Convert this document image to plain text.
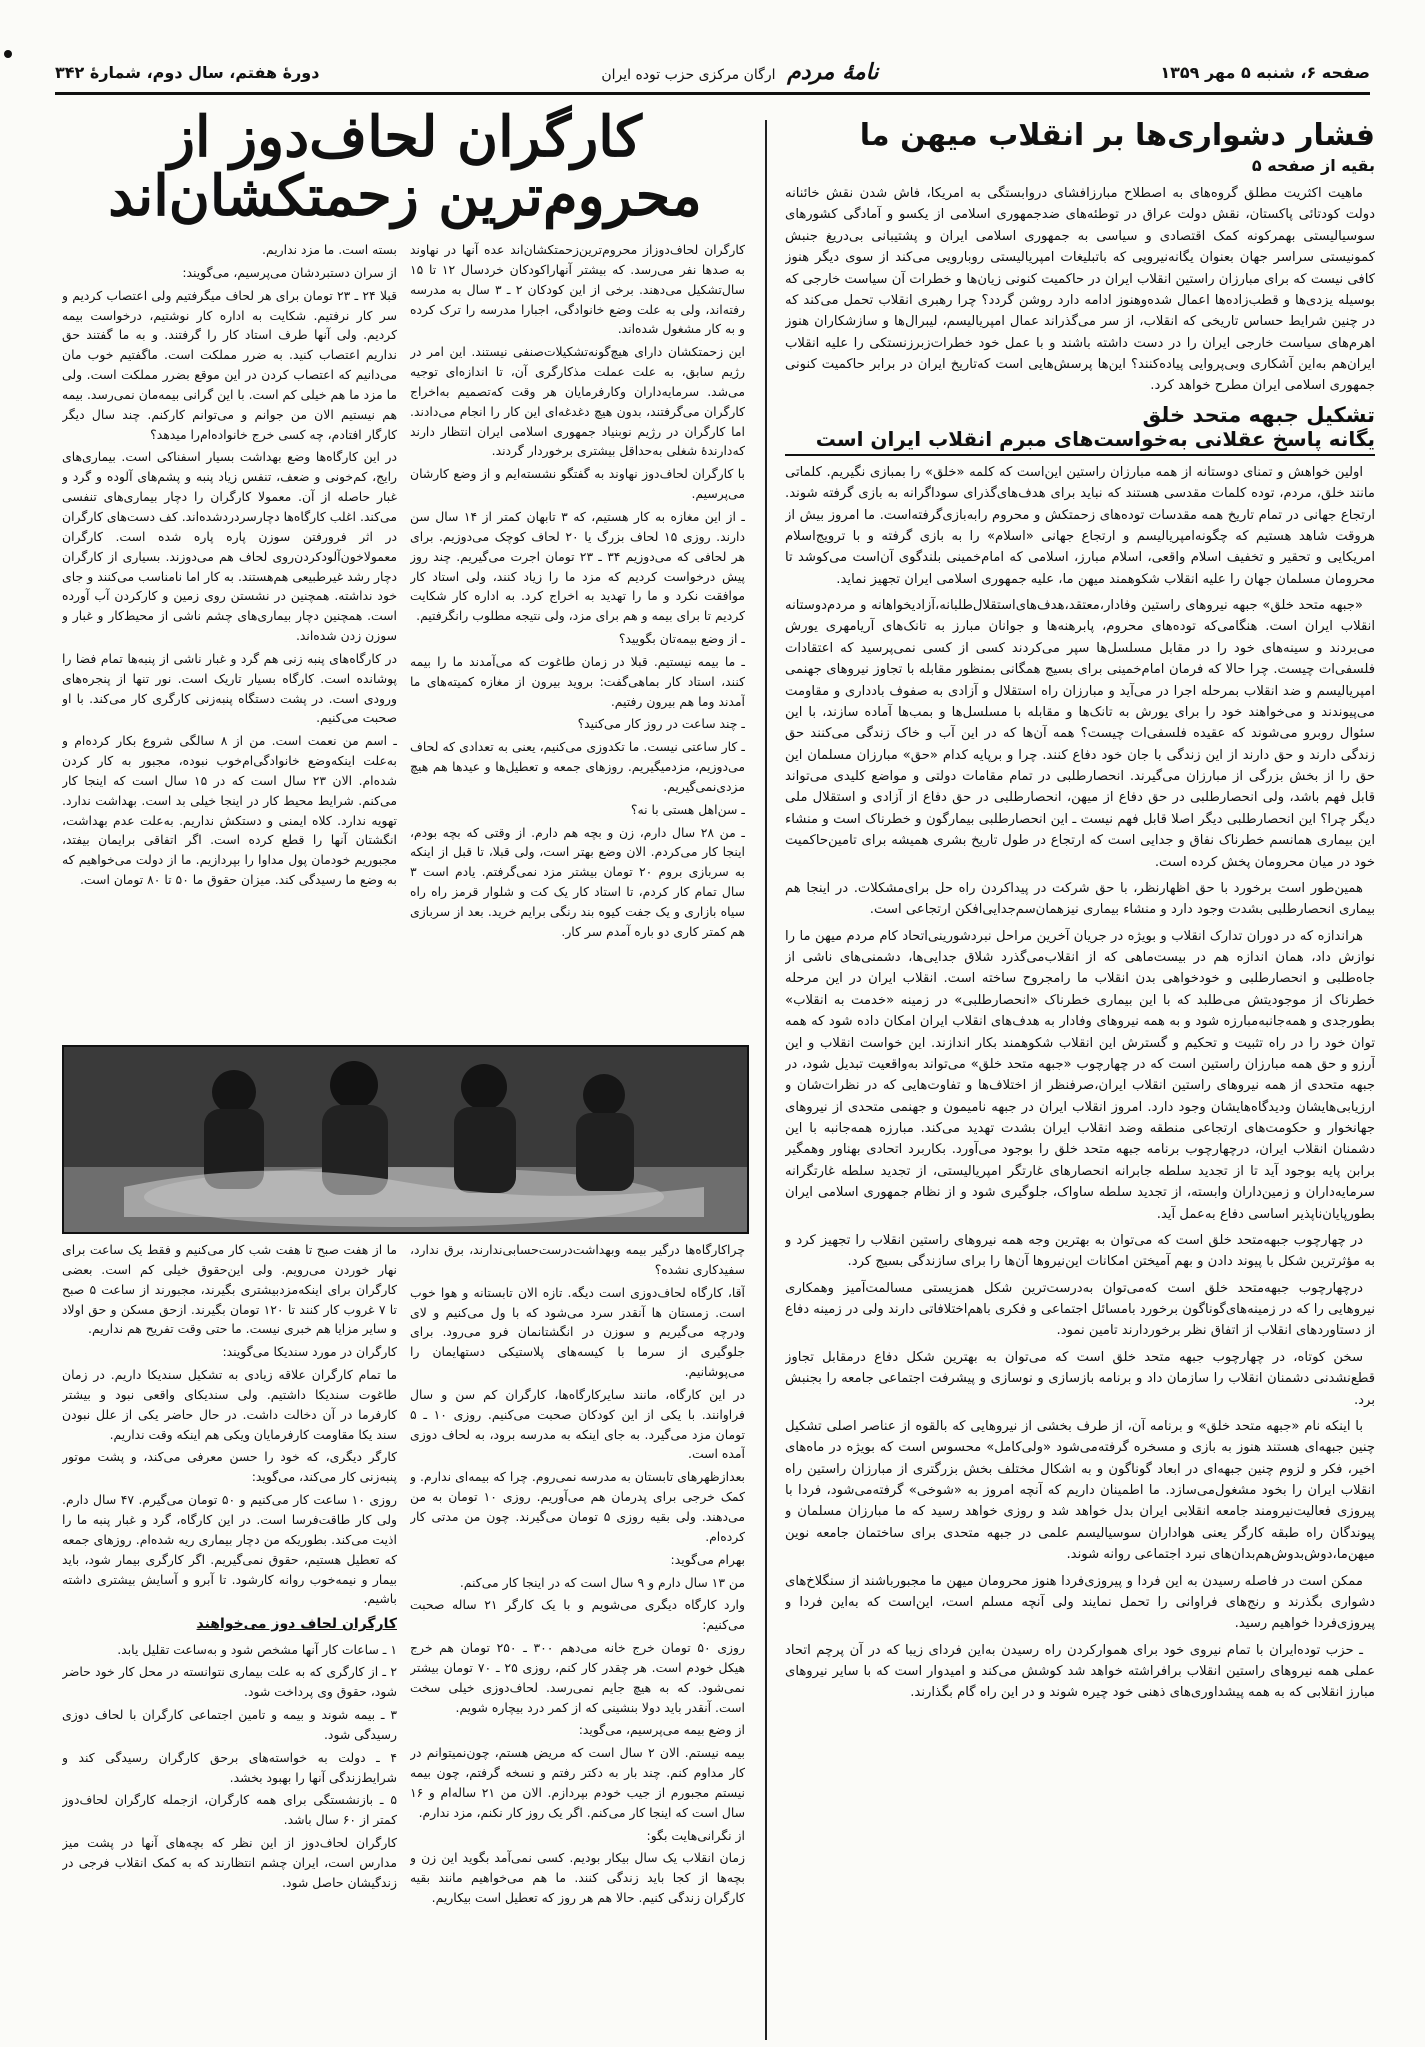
صفحه ۶، شنبه ۵ مهر ۱۳۵۹
نامهٔ مردم ارگان مرکزی حزب توده ایران
دورهٔ هفتم، سال دوم، شمارهٔ ۳۴۲
فشار دشواری‌ها بر انقلاب میهن ما
بقیه از صفحه ۵

ماهیت اکثریت مطلق گروه‌های به اصطلاح مبارزافشای دروابستگی به امریکا، فاش شدن نقش خائنانه دولت کودتائی پاکستان، نقش دولت عراق در توطئه‌های ضدجمهوری اسلامی از یکسو و آمادگی کشورهای سوسیالیستی بهمرکونه کمک اقتصادی و سیاسی به جمهوری اسلامی ایران و پشتیبانی بی‌دریغ جنبش کمونیستی سراسر جهان بعنوان یگانه‌نیرویی که باتبلیغات امپریالیستی روبارویی می‌کند از سوی دیگر هنوز کافی نیست که برای مبارزان راستین انقلاب ایران در حاکمیت کنونی زیان‌ها و خطرات آن سیاست خارجی که بوسیله یزدی‌ها و قطب‌زاده‌ها اعمال شده‌وهنوز ادامه دارد روشن گردد؟ چرا رهبری انقلاب تحمل می‌کند که در چنین شرایط حساس تاریخی که انقلاب، از سر می‌گذراند عمال امپریالیسم، لیبرال‌ها و سازشکاران هنوز اهرم‌های سیاست خارجی ایران را در دست داشته باشند و با عمل خود خطرات‌زبرزنستکی را علیه انقلاب ایران‌هم به‌این آشکاری وبی‌پروایی پیاده‌کنند؟ این‌ها پرسش‌هایی است که‌تاریخ ایران در برابر حاکمیت کنونی جمهوری اسلامی ایران مطرح خواهد کرد.

تشکیل جبهه متحد خلق
یگانه پاسخ عقلانی به‌خواست‌های مبرم انقلاب ایران است

اولین خواهش و تمنای دوستانه از همه مبارزان راستین این‌است که کلمه «خلق» را بمبازی نگیریم. کلماتی مانند خلق، مردم، توده کلمات مقدسی هستند که نباید برای هدف‌های‌گذرای سوداگرانه به بازی گرفته شوند. ارتجاع جهانی در تمام تاریخ همه مقدسات توده‌های زحمتکش و محروم رابه‌بازی‌گرفته‌است. ما امروز بیش از هروقت شاهد هستیم که چگونه‌امپریالیسم و ارتجاع جهانی «اسلام» را به بازی گرفته و با ترویج‌اسلام امریکایی و تحقیر و تخفیف اسلام واقعی، اسلام مبارز، اسلامی که امام‌خمینی بلندگوی آن‌است می‌کوشد تا محرومان مسلمان جهان را علیه انقلاب شکوهمند میهن ما، علیه جمهوری اسلامی ایران تجهیز نماید.

«جبهه متحد خلق» جبهه نیروهای راستین وفادار،معتقد،هدف‌های‌استقلال‌طلبانه،آزادیخواهانه و مردم‌دوستانه انقلاب ایران است. هنگامی‌که توده‌های محروم، پابرهنه‌ها و جوانان مبارز به تانک‌های آریامهری یورش می‌بردند و سینه‌های خود را در مقابل مسلسل‌ها سپر می‌کردند کسی از کسی نمی‌پرسید که اعتقادات فلسفی‌ات چیست. چرا حالا که فرمان امام‌خمینی برای بسیج همگانی بمنظور مقابله با تجاوز نیروهای جهنمی امپریالیسم و ضد انقلاب بمرحله اجرا در می‌آید و مبارزان راه استقلال و آزادی به صفوف بادداری و مقاومت می‌پیوندند و می‌خواهند خود را برای یورش به تانک‌ها و مقابله با مسلسل‌ها و بمب‌ها آماده سازند، با این سئوال روبرو می‌شوند که عقیده فلسفی‌ات چیست؟ همه آن‌ها که در این آب و خاک زندگی می‌کنند حق زندگی دارند و حق دارند از این زندگی با جان خود دفاع کنند. چرا و برپایه کدام «حق» مبارزان مسلمان این حق را از بخش بزرگی از مبارزان می‌گیرند. انحصارطلبی در تمام مقامات دولتی و مواضع کلیدی می‌تواند قابل فهم باشد، ولی انحصارطلبی در حق دفاع از میهن، انحصارطلبی در حق دفاع از آزادی و استقلال ملی دیگر چرا؟ این انحصارطلبی دیگر اصلا قابل فهم نیست ـ این انحصارطلبی بیمارگون و خطرناک است و منشاء این بیماری همانسم خطرناک نفاق و جدایی است که ارتجاع در طول تاریخ بشری همیشه برای تامین‌حاکمیت خود در میان محرومان پخش کرده است.

همین‌طور است برخورد با حق اظهارنظر، با حق شرکت در پیداکردن راه حل برای‌مشکلات. در اینجا هم بیماری انحصارطلبی بشدت وجود دارد و منشاء بیماری نیزهمان‌سم‌جدایی‌افکن ارتجاعی است.

هراندازه که در دوران تدارک انقلاب و بویژه در جریان آخرین مراحل نبردشورینی‌اتحاد کام مردم میهن ما را نوازش داد، همان اندازه هم در بیست‌ماهی که از انقلاب‌می‌گذرد شلاق جدایی‌ها، دشمنی‌های ناشی از جاه‌طلبی و انحصارطلبی و خودخواهی بدن انقلاب ما رامجروح ساخته است. انقلاب ایران در این مرحله خطرناک از موجودیتش می‌طلبد که با این بیماری خطرناک «انحصارطلبی» در زمینه «خدمت به انقلاب» بطورجدی و همه‌جانبه‌مبارزه شود و به همه نیروهای وفادار به هدف‌های انقلاب ایران امکان داده شود که همه توان خود را در راه تثبیت و تحکیم و گسترش این انقلاب شکوهمند بکار اندازند. این خواست انقلاب و این آرزو و حق همه مبارزان راستین است که در چهارچوب «جبهه متحد خلق» می‌تواند به‌واقعیت تبدیل شود، در جبهه متحدی از همه نیروهای راستین انقلاب ایران،صرفنظر از اختلاف‌ها و تفاوت‌هایی که در نظرات‌شان و ارزیابی‌هایشان ودیدگاه‌هایشان وجود دارد. امروز انقلاب ایران در جبهه نامیمون و جهنمی متحدی از نیروهای جهانخوار و حکومت‌های ارتجاعی منطقه وضد انقلاب ایران بشدت تهدید می‌کند. مبارزه همه‌جانبه با این دشمنان انقلاب ایران، درچهارچوب برنامه جبهه متحد خلق را بوجود می‌آورد. بکاربرد اتحادی بهناور وهمگیر برابن پایه بوجود آید تا از تجدید سلطه جابرانه انحصارهای غارتگر امپریالیستی، از تجدید سلطه غارتگرانه سرمایه‌داران و زمین‌داران وابسته، از تجدید سلطه ساواک، جلوگیری شود و از نظام جمهوری اسلامی ایران بطورپایان‌ناپذیر اساسی دفاع به‌عمل آید.

در چهارچوب جبهه‌متحد خلق است که می‌توان به بهترین وجه همه نیروهای راستین انقلاب را تجهیز کرد و به مؤثرترین شکل با پیوند دادن و بهم آمیختن امکانات این‌نیروها آن‌ها را برای سازندگی بسیج کرد.

درچهارچوب جبهه‌متحد خلق است که‌می‌توان به‌درست‌ترین شکل همزیستی مسالمت‌آمیز وهمکاری نیروهایی را که در زمینه‌های‌گوناگون برخورد بامسائل اجتماعی و فکری باهم‌اختلافاتی دارند ولی در زمینه دفاع از دستاوردهای انقلاب از اتفاق نظر برخوردارند تامین نمود.

سخن کوتاه، در چهارچوب جبهه متحد خلق است که می‌توان به بهترین شکل دفاع درمقابل تجاوز قطع‌نشدنی دشمنان انقلاب را سازمان داد و برنامه بازسازی و نوسازی و پیشرفت اجتماعی جامعه را بجنبش برد.

با اینکه نام «جبهه متحد خلق» و برنامه آن، از طرف بخشی از نیروهایی که بالقوه از عناصر اصلی تشکیل چنین جبهه‌ای هستند هنوز به بازی و مسخره گرفته‌می‌شود «ولی‌کامل» محسوس است که بویژه در ماه‌های اخیر، فکر و لزوم چنین جبهه‌ای در ابعاد گوناگون و به اشکال مختلف بخش بزرگتری از مبارزان راستین راه انقلاب ایران را بخود مشغول‌می‌سازد. ما اطمینان داریم که آنچه امروز به «شوخی» گرفته‌می‌شود، فردا با پیروزی فعالیت‌نیرومند جامعه انقلابی ایران بدل خواهد شد و روزی خواهد رسید که ما مبارزان مسلمان و پیوندگان راه طبقه کارگر یعنی هواداران سوسیالیسم علمی در جبهه متحدی برای ساختمان جامعه نوین میهن‌ما،دوش‌بدوش‌هم‌بدان‌های نبرد اجتماعی روانه شوند.

ممکن است در فاصله رسیدن به این فردا و پیروزی‌فردا هنوز محرومان میهن ما مجبورباشند از سنگلاخ‌های دشواری بگذرند و رنج‌های فراوانی را تحمل نمایند ولی آنچه مسلم است، این‌است که به‌این فردا و پیروزی‌فردا خواهیم رسید.

ـ حزب توده‌ایران با تمام نیروی خود برای هموارکردن راه رسیدن به‌این فردای زیبا که در آن پرچم اتحاد عملی همه نیروهای راستین انقلاب برافراشته خواهد شد کوشش می‌کند و امیدوار است که با سایر نیروهای مبارز انقلابی که به همه پیشداوری‌های ذهنی خود چیره شوند و در این راه گام بگذارند.

کارگران لحاف‌دوز از
محروم‌ترین زحمتکشان‌اند

کارگران لحاف‌دوزاز محروم‌ترین‌زحمتکشان‌اند عده آنها در نهاوند به صدها نفر می‌رسد. که بیشتر آنهاراکودکان خردسال ۱۲ تا ۱۵ سال‌تشکیل می‌دهند. برخی از این کودکان ۲ ـ ۳ سال به مدرسه رفته‌اند، ولی به علت وضع خانوادگی، اجبارا مدرسه را ترک کرده و به کار مشغول شده‌اند.

این زحمتکشان دارای هیچ‌گونه‌تشکیلات‌صنفی نیستند. این امر در رژیم سابق، به علت عملت مذکارگری آن، تا اندازه‌ای توجیه می‌شد. سرمایه‌داران وکارفرمایان هر وقت که‌تصمیم به‌اخراج کارگران می‌گرفتند، بدون هیچ دغدغه‌ای این کار را انجام می‌دادند. اما کارگران در رژیم نوبنیاد جمهوری اسلامی ایران انتظار دارند که‌دارندهٔ شغلی به‌حداقل بیشتری برخوردار گردند.

با کارگران لحاف‌دوز نهاوند به گفتگو نشسته‌ایم و از وضع کارشان می‌پرسیم.

ـ از این مغازه به کار هستیم، که ۳ تابهان کمتر از ۱۴ سال سن دارند. روزی ۱۵ لحاف بزرگ یا ۲۰ لحاف کوچک می‌دوزیم. برای هر لحافی که می‌دوزیم ۳۴ ـ ۲۳ تومان اجرت می‌گیریم. چند روز پیش درخواست کردیم که مزد ما را زیاد کنند، ولی استاد کار موافقت نکرد و ما را تهدید به اخراج کرد. به اداره کار شکایت کردیم تا برای بیمه و هم برای مزد، ولی نتیجه مطلوب رانگرفتیم.

ـ از وضع بیمه‌تان بگویید؟

ـ ما بیمه نیستیم. قبلا در زمان طاغوت که می‌آمدند ما را بیمه کنند، استاد کار بماهی‌گفت: بروید بیرون از مغازه کمیته‌های ما آمدند وما هم بیرون رفتیم.

ـ چند ساعت در روز کار می‌کنید؟

ـ کار ساعتی نیست. ما تکدوزی می‌کنیم، یعنی به تعدادی که لحاف می‌دوزیم، مزدمیگیریم. روزهای جمعه و تعطیل‌ها و عیدها هم هیچ مزدی‌نمی‌گیریم.

ـ سن‌اهل هستی با نه؟

ـ من ۲۸ سال دارم، زن و بچه هم دارم. از وقتی که بچه بودم، اینجا کار می‌کردم. الان وضع بهتر است، ولی قبلا، تا قبل از اینکه به سربازی بروم ۲۰ تومان بیشتر مزد نمی‌گرفتم. یادم است ۳ سال تمام کار کردم، تا استاد کار یک کت و شلوار قرمز راه راه سیاه بازاری و یک جفت کیوه بند رنگی برایم خرید. بعد از سربازی هم کمتر کاری دو باره آمدم سر کار.

بسته است. ما مزد نداریم.

از سران دستبردشان می‌پرسیم، می‌گویند:

قبلا ۲۴ ـ ۲۳ تومان برای هر لحاف میگرفتیم ولی اعتصاب کردیم و سر کار نرفتیم. شکایت به اداره کار نوشتیم، درخواست بیمه کردیم. ولی آنها طرف استاد کار را گرفتند. و به ما گفتند حق نداریم اعتصاب کنید. به ضرر مملکت است. ماگفتیم خوب مان می‌دانیم که اعتصاب کردن در این موقع بضرر مملکت است. ولی ما مزد ما هم خیلی کم است. با این گرانی بیمه‌مان نمی‌رسد. بیمه هم نیستیم الان من جوانم و می‌توانم کارکنم. چند سال دیگر کارگار افتادم، چه کسی خرج خانواده‌ام‌را میدهد؟

در این کارگاه‌ها وضع بهداشت بسیار اسفناکی است. بیماری‌های رایج، کم‌خونی و ضعف، تنفس زیاد پنبه و پشم‌های آلوده و گرد و غبار حاصله از آن. معمولا کارگران را دچار بیماری‌های تنفسی می‌کند. اغلب کارگاه‌ها دچارسردردشده‌اند. کف دست‌های کارگران در اثر فرورفتن سوزن پاره پاره شده است. کارگران معمولاخون‌آلودکردن‌روی لحاف هم می‌دوزند. بسیاری از کارگران دچار رشد غیرطبیعی هم‌هستند. به کار اما نامناسب می‌کنند و جای خود نداشته. همچنین در نشستن روی زمین و کارکردن آب آورده است. همچنین دچار بیماری‌های چشم ناشی از محیط‌کار و غبار و سوزن زدن شده‌اند.

در کارگاه‌های پنبه زنی هم گرد و غبار ناشی از پنبه‌ها تمام فضا را پوشانده است. کارگاه بسیار تاریک است. نور تنها از پنجره‌های ورودی است. در پشت دستگاه پنبه‌زنی کارگری کار می‌کند. با او صحبت می‌کنیم.

ـ اسم من نعمت است. من از ۸ سالگی شروع بکار کرده‌ام و به‌علت اینکه‌وضع خانوادگی‌ام‌خوب نبوده، مجبور به کار کردن شده‌ام. الان ۲۳ سال است که در ۱۵ سال است که اینجا کار می‌کنم. شرایط محیط کار در اینجا خیلی بد است. بهداشت ندارد. تهویه ندارد. کلاه ایمنی و دستکش نداریم. به‌علت عدم بهداشت، انگشتان آنها را قطع کرده است. اگر اتفاقی برایمان بیفتد، مجبوریم خودمان پول مداوا را بپردازیم. ما از دولت می‌خواهیم که به وضع ما رسیدگی کند. میزان حقوق ما ۵۰ تا ۸۰ تومان است.

چراکارگاه‌ها درگیر بیمه وبهداشت‌درست‌حسابی‌ندارند، برق ندارد، سفیدکاری نشده؟

آقا، کارگاه لحاف‌دوزی است دیگه. تازه الان تابستانه و هوا خوب است. زمستان ها آنقدر سرد می‌شود که با ول می‌کنیم و لای‌ ودرچه می‌گیریم و سوزن در انگشتانمان فرو می‌رود. برای جلوگیری از سرما با کیسه‌های پلاستیکی دستهایمان را می‌پوشانیم.

در این کارگاه، مانند سایرکارگاه‌ها، کارگران کم سن و سال فراوانند. با یکی از این کودکان صحبت می‌کنیم. روزی ۱۰ ـ ۵ تومان مزد می‌گیرد. به جای اینکه به مدرسه برود، به لحاف دوزی آمده است.

بعدازظهرهای تابستان به مدرسه نمی‌روم. چرا که بیمه‌ای ندارم. و کمک خرجی برای پدرمان هم می‌آوریم. روزی ۱۰ تومان به من می‌دهند. ولی بقیه روزی ۵ تومان می‌گیرند. چون من مدتی کار کرده‌ام.

بهرام می‌گوید:

من ۱۳ سال دارم و ۹ سال است که در اینجا کار می‌کنم.

وارد کارگاه دیگری می‌شویم و با یک کارگر ۲۱ ساله صحبت می‌کنیم:

روزی ۵۰ تومان خرج خانه می‌دهم ۳۰۰ ـ ۲۵۰ تومان هم خرج هیکل خودم است. هر چقدر کار کنم، روزی ۲۵ ـ ۷۰ تومان بیشتر نمی‌شود. که به هیچ جایم نمی‌رسد. لحاف‌دوزی خیلی سخت است. آنقدر باید دولا بنشینی که از کمر درد بیچاره شویم.

از وضع بیمه می‌پرسیم، می‌گوید:

بیمه نیستم. الان ۲ سال است که مریض هستم، چون‌نمیتوانم در کار مداوم کنم. چند بار به دکتر رفتم و نسخه گرفتم، چون بیمه نیستم مجبورم از جیب خودم بپردازم. الان من ۲۱ ساله‌ام و ۱۶ سال است که اینجا کار می‌کنم. اگر یک روز کار نکنم، مزد ندارم.

از نگرانی‌هایت بگو:

زمان انقلاب یک سال بیکار بودیم. کسی نمی‌آمد بگوید این زن و بچه‌ها از کجا باید زندگی کنند. ما هم می‌خواهیم مانند بقیه کارگران زندگی کنیم. حالا هم هر روز که تعطیل است بیکاریم.

ما از هفت صبح تا هفت شب کار می‌کنیم و فقط یک ساعت برای نهار خوردن می‌رویم. ولی این‌حقوق خیلی کم است. بعضی کارگران برای اینکه‌مزدبیشتری بگیرند، مجبورند از ساعت ۵ صبح تا ۷ غروب کار کنند تا ۱۲۰ تومان بگیرند. ازحق مسکن و حق اولاد و سایر مزایا هم خبری نیست. ما حتی وقت تفریح هم نداریم.

کارگران در مورد سندیکا می‌گویند:

ما تمام کارگران علاقه زیادی به تشکیل سندیکا داریم. در زمان طاغوت سندیکا داشتیم. ولی سندیکای واقعی نبود و بیشتر کارفرما در آن دخالت داشت. در حال حاضر یکی از علل نبودن سند یکا مقاومت کارفرمایان ویکی هم اینکه وقت نداریم.

کارگر دیگری، که خود را حسن معرفی می‌کند، و پشت موتور پنبه‌زنی کار می‌کند، می‌گوید:

روزی ۱۰ ساعت کار می‌کنیم و ۵۰ تومان می‌گیرم. ۴۷ سال دارم. ولی کار طاقت‌فرسا است. در این کارگاه، گرد و غبار پنبه ما را اذیت می‌کند. بطوریکه من دچار بیماری ریه شده‌ام. روزهای جمعه که تعطیل هستیم، حقوق نمی‌گیریم. اگر کارگری بیمار شود، باید بیمار و نیمه‌خوب روانه کارشود. تا آبرو و آسایش بیشتری داشته باشیم.

کارگران لحاف دوز می‌خواهند

۱ ـ ساعات کار آنها مشخص شود و به‌ساعت تقلیل یابد.

۲ ـ از کارگری که به علت بیماری نتوانسته در محل کار خود حاضر شود، حقوق وی پرداخت شود.

۳ ـ بیمه شوند و بیمه و تامین اجتماعی کارگران با لحاف دوزی رسیدگی شود.

۴ ـ دولت به خواسته‌های برحق کارگران رسیدگی کند و شرایط‌زندگی آنها را بهبود بخشد.

۵ ـ بازنشستگی برای همه کارگران، ازجمله کارگران لحاف‌دوز کمتر از ۶۰ سال باشد.

کارگران لحاف‌دوز از این نظر که بچه‌های آنها در پشت میز مدارس است، ایران چشم انتظارند که به کمک انقلاب فرجی در زندگیشان حاصل شود.
